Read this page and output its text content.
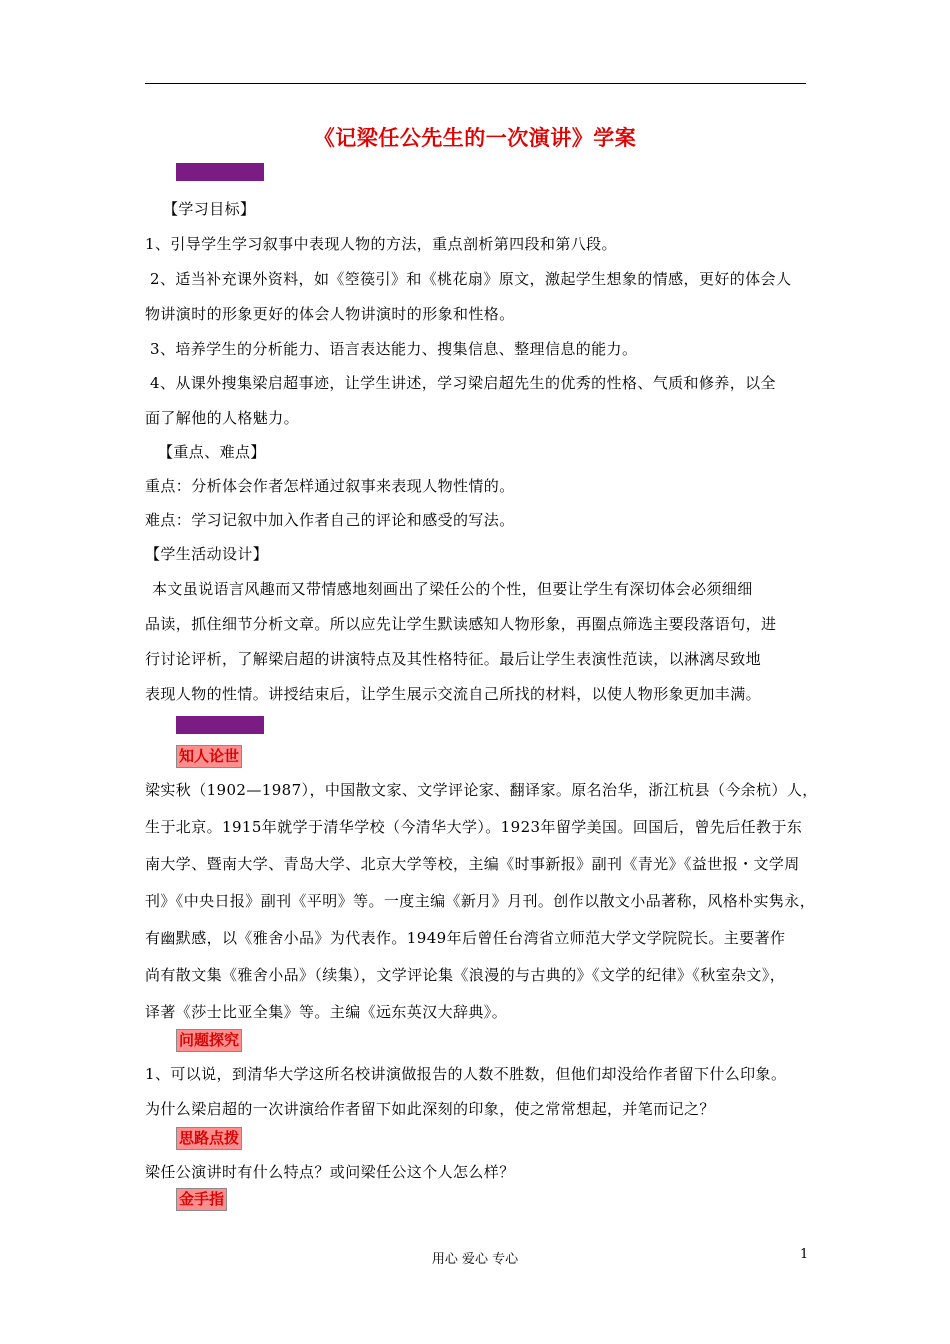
《记梁任公先生的一次演讲》学案
【学习内容】
【学习目标】
1、引导学生学习叙事中表现人物的方法，重点剖析第四段和第八段。
2、适当补充课外资料，如《箜篌引》和《桃花扇》原文，激起学生想象的情感，更好的体会人
物讲演时的形象更好的体会人物讲演时的形象和性格。
3、培养学生的分析能力、语言表达能力、搜集信息、整理信息的能力。
4、从课外搜集梁启超事迹，让学生讲述，学习梁启超先生的优秀的性格、气质和修养，以全
面了解他的人格魅力。
【重点、难点】
重点：分析体会作者怎样通过叙事来表现人物性情的。
难点：学习记叙中加入作者自己的评论和感受的写法。
【学生活动设计】
本文虽说语言风趣而又带情感地刻画出了梁任公的个性，但要让学生有深切体会必须细细
品读，抓住细节分析文章。所以应先让学生默读感知人物形象，再圈点筛选主要段落语句，进
行讨论评析，了解梁启超的讲演特点及其性格特征。最后让学生表演性范读，以淋漓尽致地
表现人物的性情。讲授结束后，让学生展示交流自己所找的材料，以使人物形象更加丰满。
【学习过程】
知人论世
梁实秋（1902—1987），中国散文家、文学评论家、翻译家。原名治华，浙江杭县（今余杭）人，
生于北京。1915年就学于清华学校（今清华大学）。1923年留学美国。回国后，曾先后任教于东
南大学、暨南大学、青岛大学、北京大学等校，主编《时事新报》副刊《青光》《益世报・文学周
刊》《中央日报》副刊《平明》等。一度主编《新月》月刊。创作以散文小品著称，风格朴实隽永，
有幽默感，以《雅舍小品》为代表作。1949年后曾任台湾省立师范大学文学院院长。主要著作
尚有散文集《雅舍小品》（续集），文学评论集《浪漫的与古典的》《文学的纪律》《秋室杂文》，
译著《莎士比亚全集》等。主编《远东英汉大辞典》。
问题探究
1、可以说，到清华大学这所名校讲演做报告的人数不胜数，但他们却没给作者留下什么印象。
为什么梁启超的一次讲演给作者留下如此深刻的印象，使之常常想起，并笔而记之？
思路点拨
梁任公演讲时有什么特点？或问梁任公这个人怎么样？
金手指
用心 爱心 专心	1
